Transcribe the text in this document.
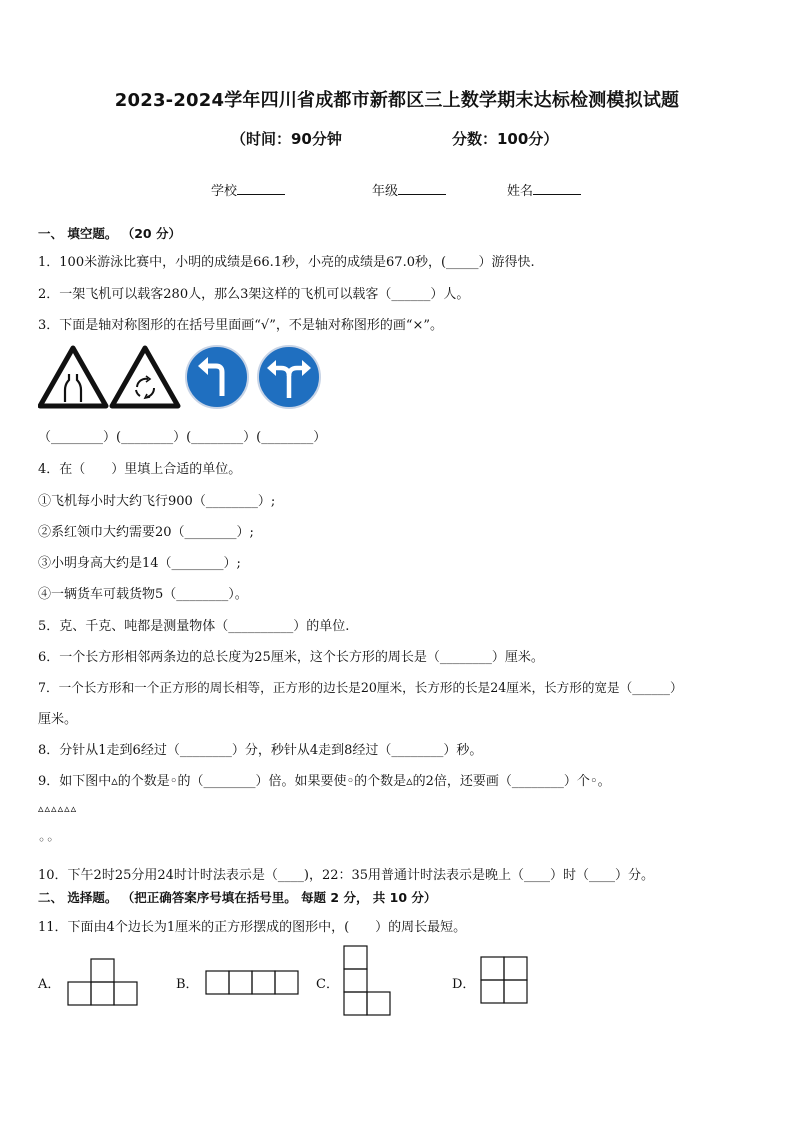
2023-2024学年四川省成都市新都区三上数学期末达标检测模拟试题
（时间：90分钟	分数：100分）
学校	年级	姓名
一、 填空题。 （20 分）
1．100米游泳比赛中，小明的成绩是66.1秒，小亮的成绩是67.0秒，(_____）游得快.
2．一架飞机可以载客280人，那么3架这样的飞机可以载客（______）人。
3．下面是轴对称图形的在括号里面画“√”，不是轴对称图形的画“×”。
（________）(________）(________）(________）
4．在（　　）里填上合适的单位。
①飞机每小时大约飞行900（________）;
②系红领巾大约需要20（________）;
③小明身高大约是14（________）;
④一辆货车可载货物5（________）。
5．克、千克、吨都是测量物体（__________）的单位.
6．一个长方形相邻两条边的总长度为25厘米，这个长方形的周长是（________）厘米。
7．一个长方形和一个正方形的周长相等，正方形的边长是20厘米，长方形的长是24厘米，长方形的宽是（______）
厘米。
8．分针从1走到6经过（________）分，秒针从4走到8经过（________）秒。
9．如下图中▵的个数是◦的（________）倍。如果要使◦的个数是▵的2倍，还要画（________）个◦。
▵▵▵▵▵▵
◦◦
10．下午2时25分用24时计时法表示是（____)，22：35用普通计时法表示是晚上（____）时（____）分。
二、 选择题。 （把正确答案序号填在括号里。 每题 2 分， 共 10 分）
11．下面由4个边长为1厘米的正方形摆成的图形中，(　　）的周长最短。
A．	B．	C．	D．
